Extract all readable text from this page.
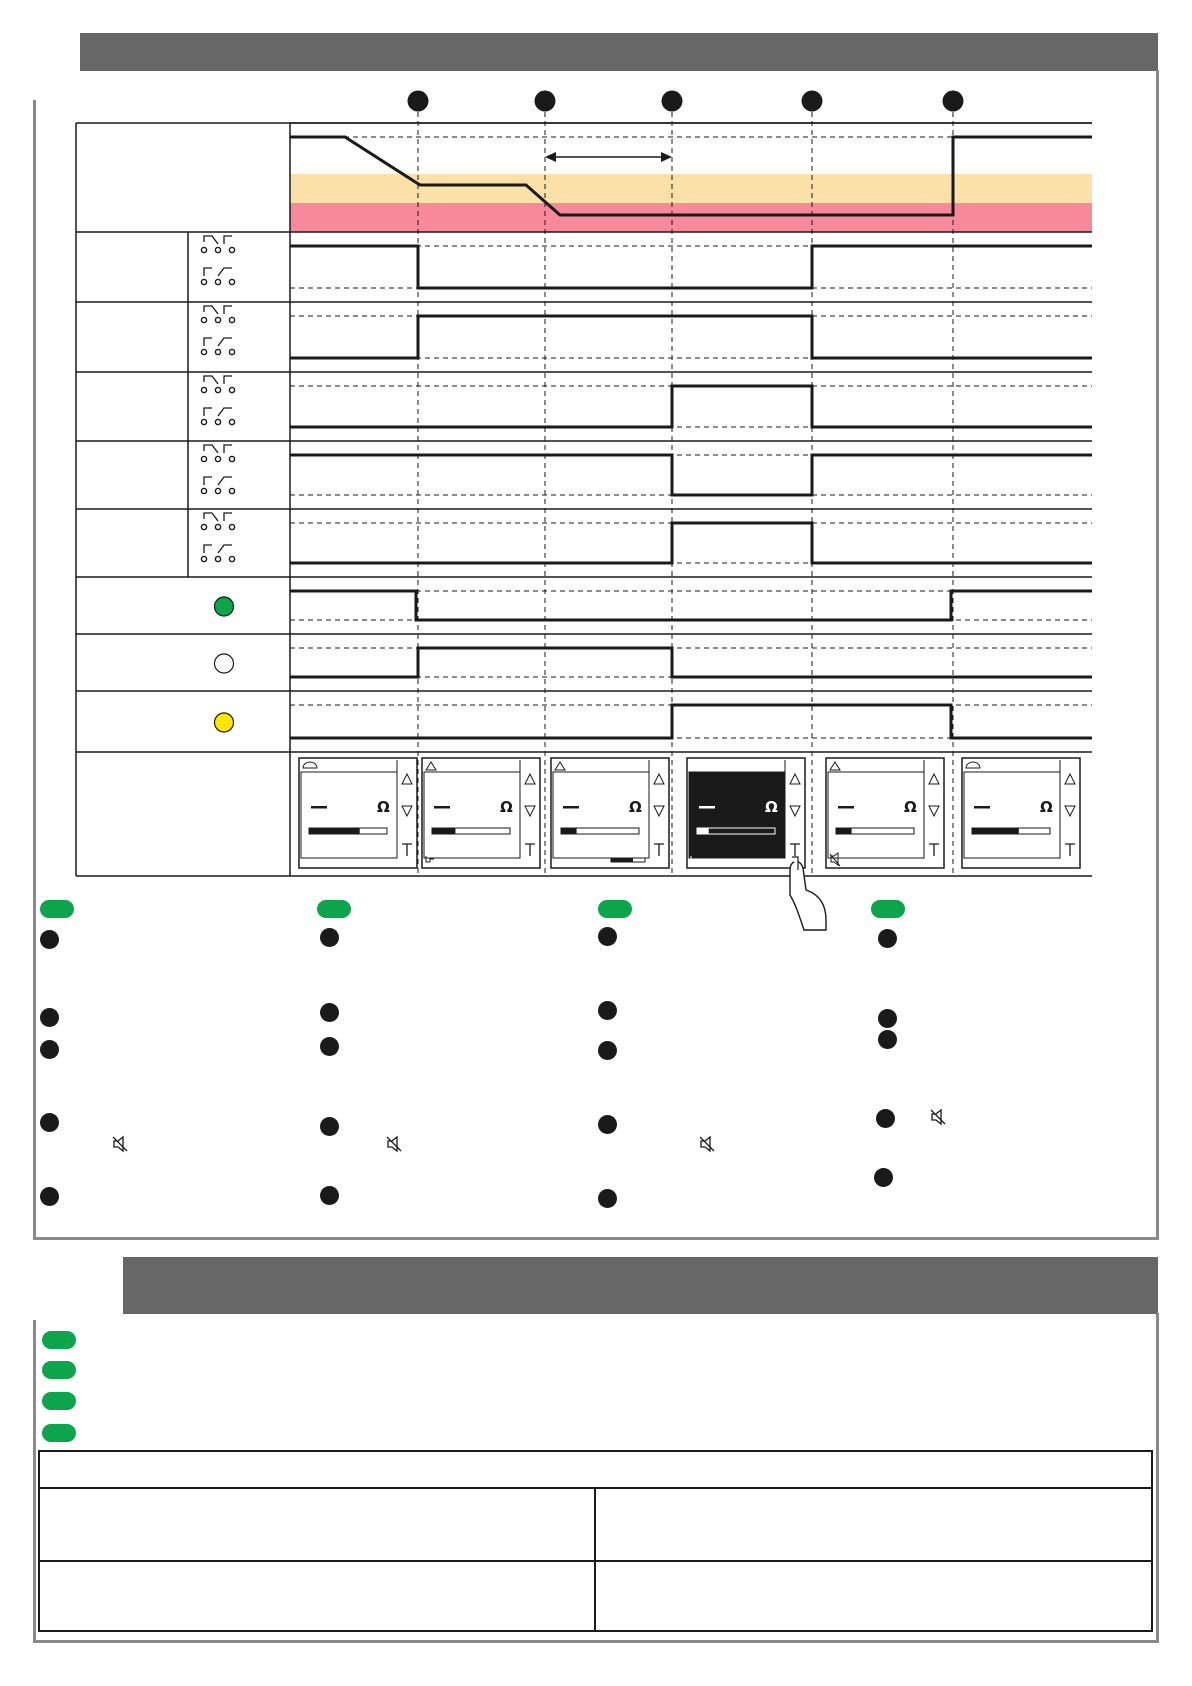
Ω	Ω	Ω	Ω	Ω	Ω
